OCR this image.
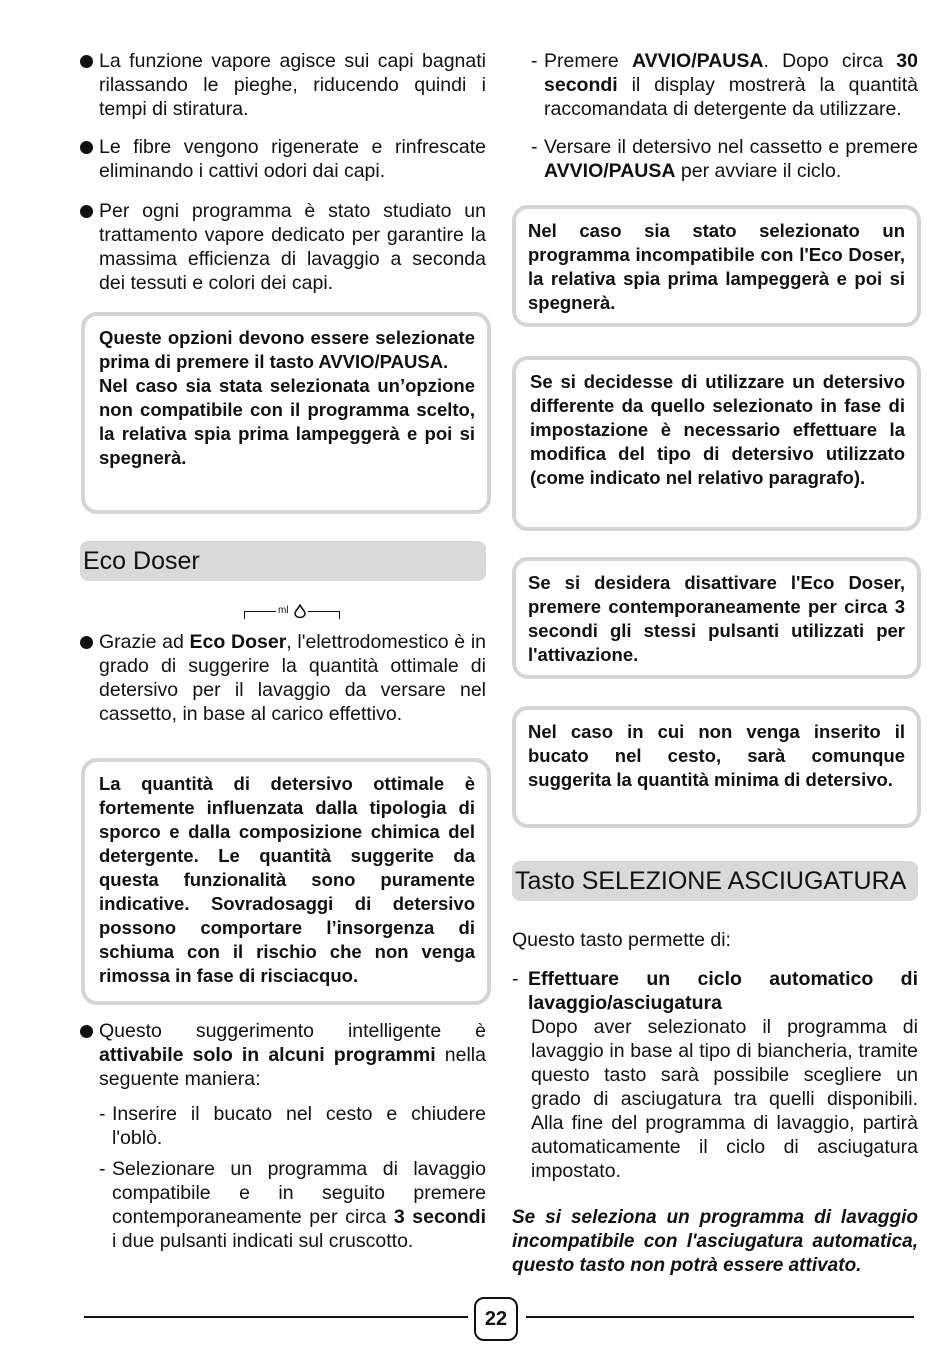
La funzione vapore agisce sui capi bagnati rilassando le pieghe, riducendo quindi i tempi di stiratura.
Le fibre vengono rigenerate e rinfrescate eliminando i cattivi odori dai capi.
Per ogni programma è stato studiato un trattamento vapore dedicato per garantire la massima efficienza di lavaggio a seconda dei tessuti e colori dei capi.
Queste opzioni devono essere selezionate prima di premere il tasto AVVIO/PAUSA.
Nel caso sia stata selezionata un’opzione non compatibile con il programma scelto, la relativa spia prima lampeggerà e poi si spegnerà.
Eco Doser
ml
Grazie ad Eco Doser, l'elettrodomestico è in grado di suggerire la quantità ottimale di detersivo per il lavaggio da versare nel cassetto, in base al carico effettivo.
La quantità di detersivo ottimale è fortemente influenzata dalla tipologia di sporco e dalla composizione chimica del detergente. Le quantità suggerite da questa funzionalità sono puramente indicative. Sovradosaggi di detersivo possono comportare l’insorgenza di schiuma con il rischio che non venga rimossa in fase di risciacquo.
Questo suggerimento intelligente è attivabile solo in alcuni programmi nella seguente maniera:
- Inserire il bucato nel cesto e chiudere l'oblò.
- Selezionare un programma di lavaggio compatibile e in seguito premere contemporaneamente per circa 3 secondi i due pulsanti indicati sul cruscotto.
- Premere AVVIO/PAUSA. Dopo circa 30 secondi il display mostrerà la quantità raccomandata di detergente da utilizzare.
- Versare il detersivo nel cassetto e premere AVVIO/PAUSA per avviare il ciclo.
Nel caso sia stato selezionato un programma incompatibile con l'Eco Doser, la relativa spia prima lampeggerà e poi si spegnerà.
Se si decidesse di utilizzare un detersivo differente da quello selezionato in fase di impostazione è necessario effettuare la modifica del tipo di detersivo utilizzato (come indicato nel relativo paragrafo).
Se si desidera disattivare l'Eco Doser, premere contemporaneamente per circa 3 secondi gli stessi pulsanti utilizzati per l'attivazione.
Nel caso in cui non venga inserito il bucato nel cesto, sarà comunque suggerita la quantità minima di detersivo.
Tasto SELEZIONE ASCIUGATURA
Questo tasto permette di:
- Effettuare un ciclo automatico di lavaggio/asciugatura
Dopo aver selezionato il programma di lavaggio in base al tipo di biancheria, tramite questo tasto sarà possibile scegliere un grado di asciugatura tra quelli disponibili. Alla fine del programma di lavaggio, partirà automaticamente il ciclo di asciugatura impostato.
Se si seleziona un programma di lavaggio incompatibile con l'asciugatura automatica, questo tasto non potrà essere attivato.
22
